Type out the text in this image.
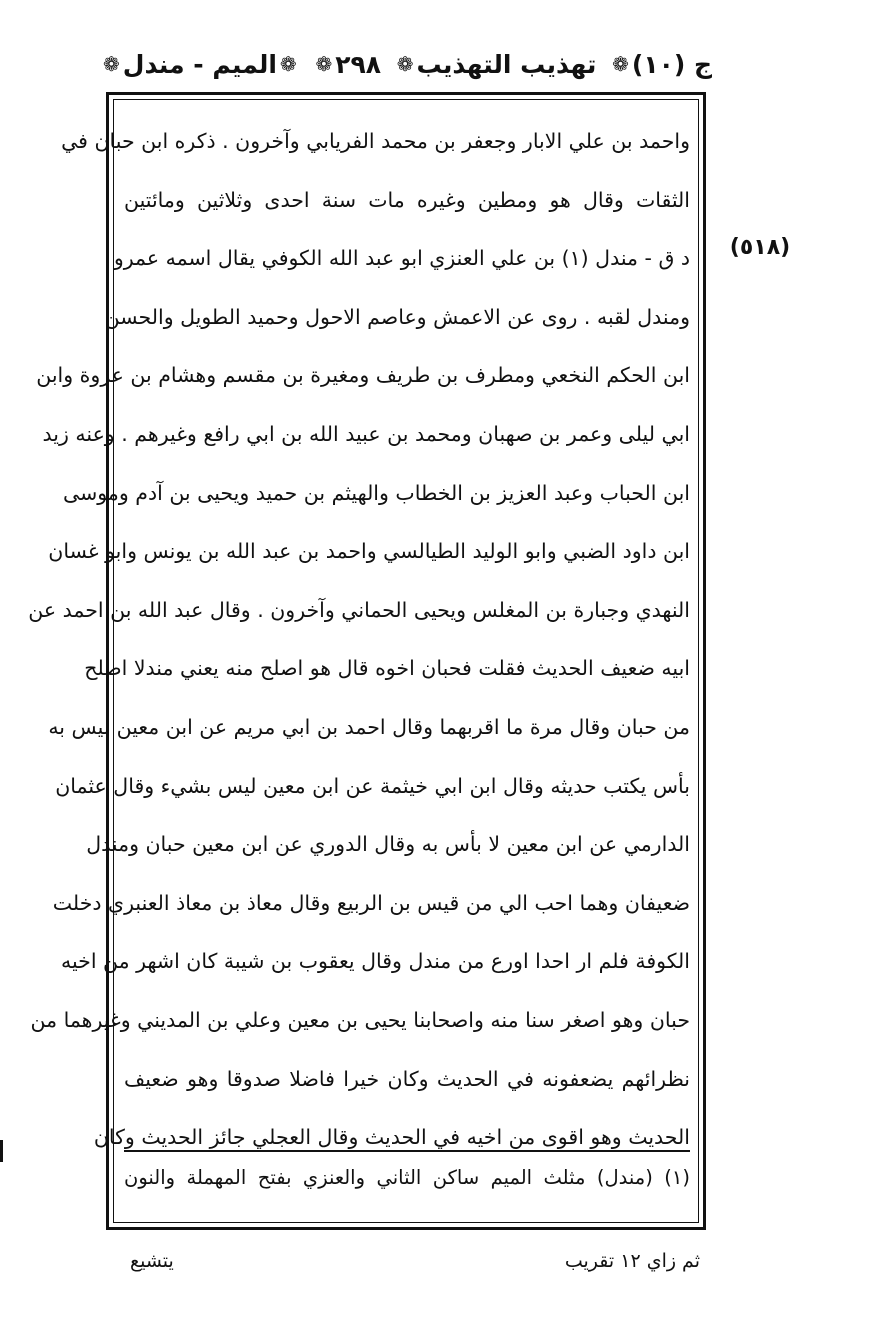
ج (١٠)
❁
تهذيب التهذيب
❁
٢٩٨
❁
❁
الميم - مندل
❁
(٥١٨)
واحمد بن علي الابار وجعفر بن محمد الفريابي وآخرون . ذكره ابن حبان في
الثقات وقال هو ومطين وغيره مات سنة احدى وثلاثين ومائتين
د ق - مندل (١) بن علي العنزي ابو عبد الله الكوفي يقال اسمه عمرو
ومندل لقبه . روى عن الاعمش وعاصم الاحول وحميد الطويل والحسن
ابن الحكم النخعي ومطرف بن طريف ومغيرة بن مقسم وهشام بن عروة وابن
ابي ليلى وعمر بن صهبان ومحمد بن عبيد الله بن ابي رافع وغيرهم . وعنه زيد
ابن الحباب وعبد العزيز بن الخطاب والهيثم بن حميد ويحيى بن آدم وموسى
ابن داود الضبي وابو الوليد الطيالسي واحمد بن عبد الله بن يونس وابو غسان
النهدي وجبارة بن المغلس ويحيى الحماني وآخرون . وقال عبد الله بن احمد عن
ابيه ضعيف الحديث فقلت فحبان اخوه قال هو اصلح منه يعني مندلا اصلح
من حبان وقال مرة ما اقربهما وقال احمد بن ابي مريم عن ابن معين ليس به
بأس يكتب حديثه وقال ابن ابي خيثمة عن ابن معين ليس بشيء وقال عثمان
الدارمي عن ابن معين لا بأس به وقال الدوري عن ابن معين حبان ومندل
ضعيفان وهما احب الي من قيس بن الربيع وقال معاذ بن معاذ العنبري دخلت
الكوفة فلم ار احدا اورع من مندل وقال يعقوب بن شيبة كان اشهر من اخيه
حبان وهو اصغر سنا منه واصحابنا يحيى بن معين وعلي بن المديني وغيرهما من
نظرائهم يضعفونه في الحديث وكان خيرا فاضلا صدوقا وهو ضعيف
الحديث وهو اقوى من اخيه في الحديث وقال العجلي جائز الحديث وكان
(١) (مندل) مثلث الميم ساكن الثاني والعنزي بفتح المهملة والنون
ثم زاي ١٢ تقريب
يتشيع
